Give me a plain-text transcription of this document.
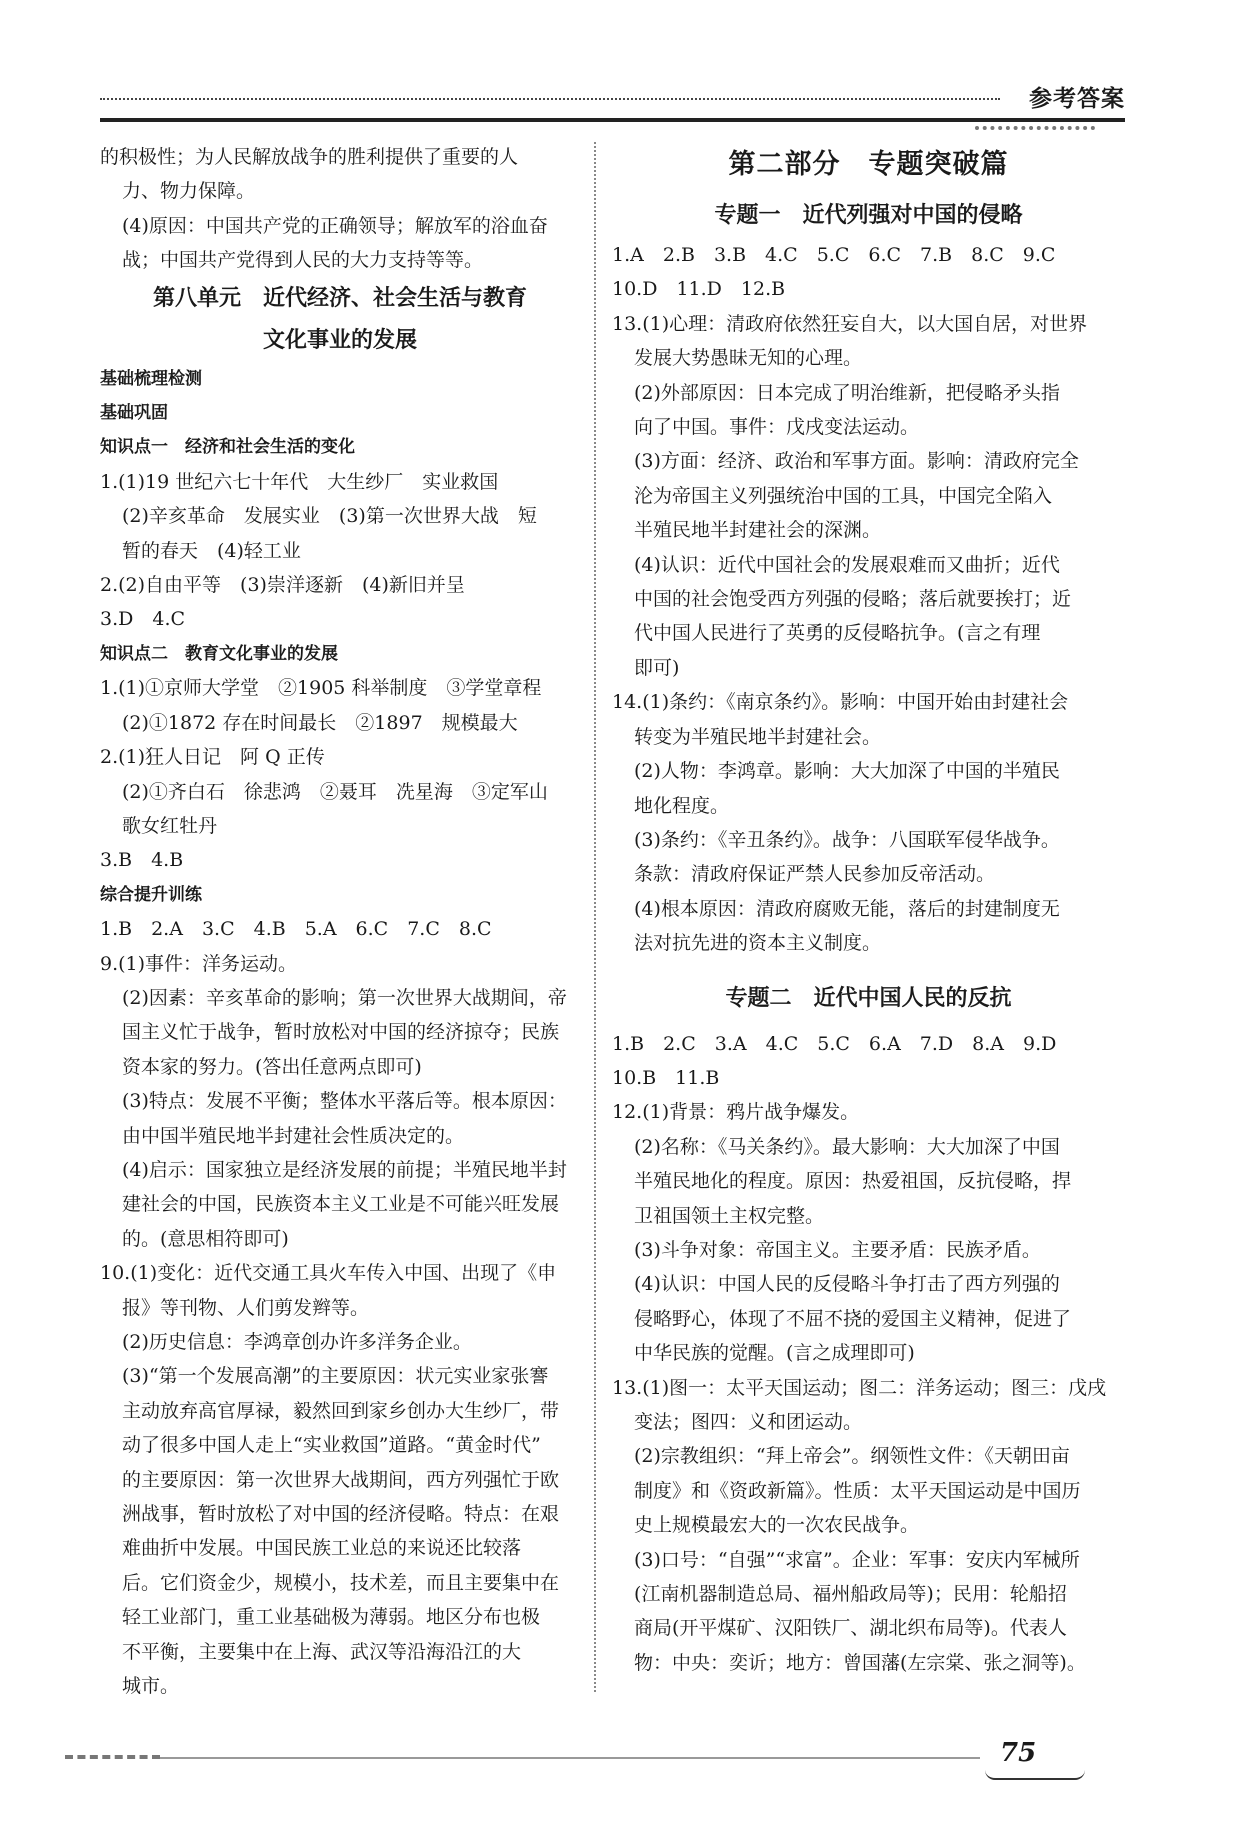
参考答案

的积极性；为人民解放战争的胜利提供了重要的人

力、物力保障。

(4)原因：中国共产党的正确领导；解放军的浴血奋

战；中国共产党得到人民的大力支持等等。

第八单元　近代经济、社会生活与教育
文化事业的发展

基础梳理检测

基础巩固

知识点一　经济和社会生活的变化

1.(1)19 世纪六七十年代　大生纱厂　实业救国

(2)辛亥革命　发展实业　(3)第一次世界大战　短

暂的春天　(4)轻工业

2.(2)自由平等　(3)崇洋逐新　(4)新旧并呈

3.D　4.C

知识点二　教育文化事业的发展

1.(1)①京师大学堂　②1905 科举制度　③学堂章程

(2)①1872 存在时间最长　②1897　规模最大

2.(1)狂人日记　阿 Q 正传

(2)①齐白石　徐悲鸿　②聂耳　冼星海　③定军山

歌女红牡丹

3.B　4.B

综合提升训练

1.B　2.A　3.C　4.B　5.A　6.C　7.C　8.C

9.(1)事件：洋务运动。

(2)因素：辛亥革命的影响；第一次世界大战期间，帝

国主义忙于战争，暂时放松对中国的经济掠夺；民族

资本家的努力。(答出任意两点即可)

(3)特点：发展不平衡；整体水平落后等。根本原因：

由中国半殖民地半封建社会性质决定的。

(4)启示：国家独立是经济发展的前提；半殖民地半封

建社会的中国，民族资本主义工业是不可能兴旺发展

的。(意思相符即可)

10.(1)变化：近代交通工具火车传入中国、出现了《申

报》等刊物、人们剪发辫等。

(2)历史信息：李鸿章创办许多洋务企业。

(3)“第一个发展高潮”的主要原因：状元实业家张謇

主动放弃高官厚禄，毅然回到家乡创办大生纱厂，带

动了很多中国人走上“实业救国”道路。“黄金时代”

的主要原因：第一次世界大战期间，西方列强忙于欧

洲战事，暂时放松了对中国的经济侵略。特点：在艰

难曲折中发展。中国民族工业总的来说还比较落

后。它们资金少，规模小，技术差，而且主要集中在

轻工业部门，重工业基础极为薄弱。地区分布也极

不平衡，主要集中在上海、武汉等沿海沿江的大

城市。

第二部分　专题突破篇
专题一　近代列强对中国的侵略

1.A　2.B　3.B　4.C　5.C　6.C　7.B　8.C　9.C

10.D　11.D　12.B

13.(1)心理：清政府依然狂妄自大，以大国自居，对世界

发展大势愚昧无知的心理。

(2)外部原因：日本完成了明治维新，把侵略矛头指

向了中国。事件：戊戌变法运动。

(3)方面：经济、政治和军事方面。影响：清政府完全

沦为帝国主义列强统治中国的工具，中国完全陷入

半殖民地半封建社会的深渊。

(4)认识：近代中国社会的发展艰难而又曲折；近代

中国的社会饱受西方列强的侵略；落后就要挨打；近

代中国人民进行了英勇的反侵略抗争。(言之有理

即可)

14.(1)条约：《南京条约》。影响：中国开始由封建社会

转变为半殖民地半封建社会。

(2)人物：李鸿章。影响：大大加深了中国的半殖民

地化程度。

(3)条约：《辛丑条约》。战争：八国联军侵华战争。

条款：清政府保证严禁人民参加反帝活动。

(4)根本原因：清政府腐败无能，落后的封建制度无

法对抗先进的资本主义制度。

专题二　近代中国人民的反抗

1.B　2.C　3.A　4.C　5.C　6.A　7.D　8.A　9.D

10.B　11.B

12.(1)背景：鸦片战争爆发。

(2)名称：《马关条约》。最大影响：大大加深了中国

半殖民地化的程度。原因：热爱祖国，反抗侵略，捍

卫祖国领土主权完整。

(3)斗争对象：帝国主义。主要矛盾：民族矛盾。

(4)认识：中国人民的反侵略斗争打击了西方列强的

侵略野心，体现了不屈不挠的爱国主义精神，促进了

中华民族的觉醒。(言之成理即可)

13.(1)图一：太平天国运动；图二：洋务运动；图三：戊戌

变法；图四：义和团运动。

(2)宗教组织：“拜上帝会”。纲领性文件：《天朝田亩

制度》和《资政新篇》。性质：太平天国运动是中国历

史上规模最宏大的一次农民战争。

(3)口号：“自强”“求富”。企业：军事：安庆内军械所

(江南机器制造总局、福州船政局等)；民用：轮船招

商局(开平煤矿、汉阳铁厂、湖北织布局等)。代表人

物：中央：奕䜣；地方：曾国藩(左宗棠、张之洞等)。

75
